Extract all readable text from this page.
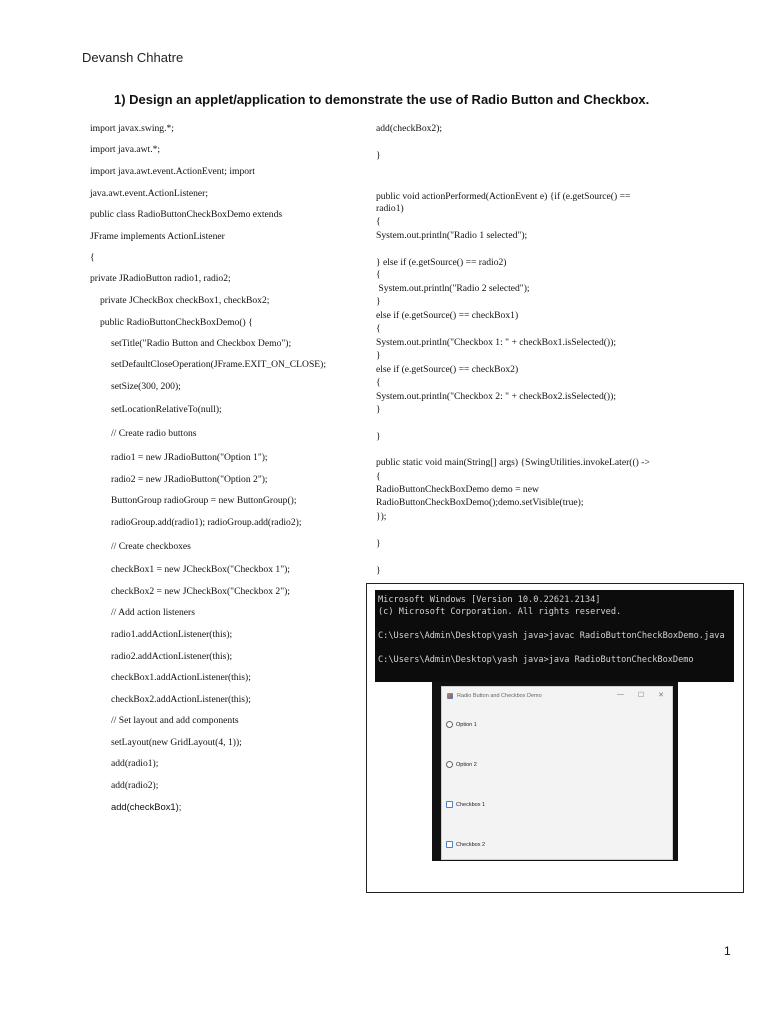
Devansh Chhatre
1) Design an applet/application to demonstrate the use of Radio Button and Checkbox.
import javax.swing.*;
import java.awt.*;
import java.awt.event.ActionEvent; import
java.awt.event.ActionListener;
public class RadioButtonCheckBoxDemo extends
JFrame implements ActionListener
{
private JRadioButton radio1, radio2;
private JCheckBox checkBox1, checkBox2;
public RadioButtonCheckBoxDemo() {
setTitle("Radio Button and Checkbox Demo");
setDefaultCloseOperation(JFrame.EXIT_ON_CLOSE);
setSize(300, 200);
setLocationRelativeTo(null);
// Create radio buttons
radio1 = new JRadioButton("Option 1");
radio2 = new JRadioButton("Option 2");
ButtonGroup radioGroup = new ButtonGroup();
radioGroup.add(radio1); radioGroup.add(radio2);
// Create checkboxes
checkBox1 = new JCheckBox("Checkbox 1");
checkBox2 = new JCheckBox("Checkbox 2");
// Add action listeners
radio1.addActionListener(this);
radio2.addActionListener(this);
checkBox1.addActionListener(this);
checkBox2.addActionListener(this);
// Set layout and add components
setLayout(new GridLayout(4, 1));
add(radio1);
add(radio2);
add(checkBox1);
add(checkBox2);
}
public void actionPerformed(ActionEvent e) {if (e.getSource() ==
radio1)
{
System.out.println("Radio 1 selected");
} else if (e.getSource() == radio2)
{
System.out.println("Radio 2 selected");
}
else if (e.getSource() == checkBox1)
{
System.out.println("Checkbox 1: " + checkBox1.isSelected());
}
else if (e.getSource() == checkBox2)
{
System.out.println("Checkbox 2: " + checkBox2.isSelected());
}
}
public static void main(String[] args) {SwingUtilities.invokeLater(() ->
{
RadioButtonCheckBoxDemo demo = new
RadioButtonCheckBoxDemo();demo.setVisible(true);
});
}
}
Microsoft Windows [Version 10.0.22621.2134]
(c) Microsoft Corporation. All rights reserved.
C:\Users\Admin\Desktop\yash java>javac RadioButtonCheckBoxDemo.java
C:\Users\Admin\Desktop\yash java>java RadioButtonCheckBoxDemo
Radio Button and Checkbox Demo	— ☐ ✕
Option 1
Option 2
Checkbox 1
Checkbox 2
1
